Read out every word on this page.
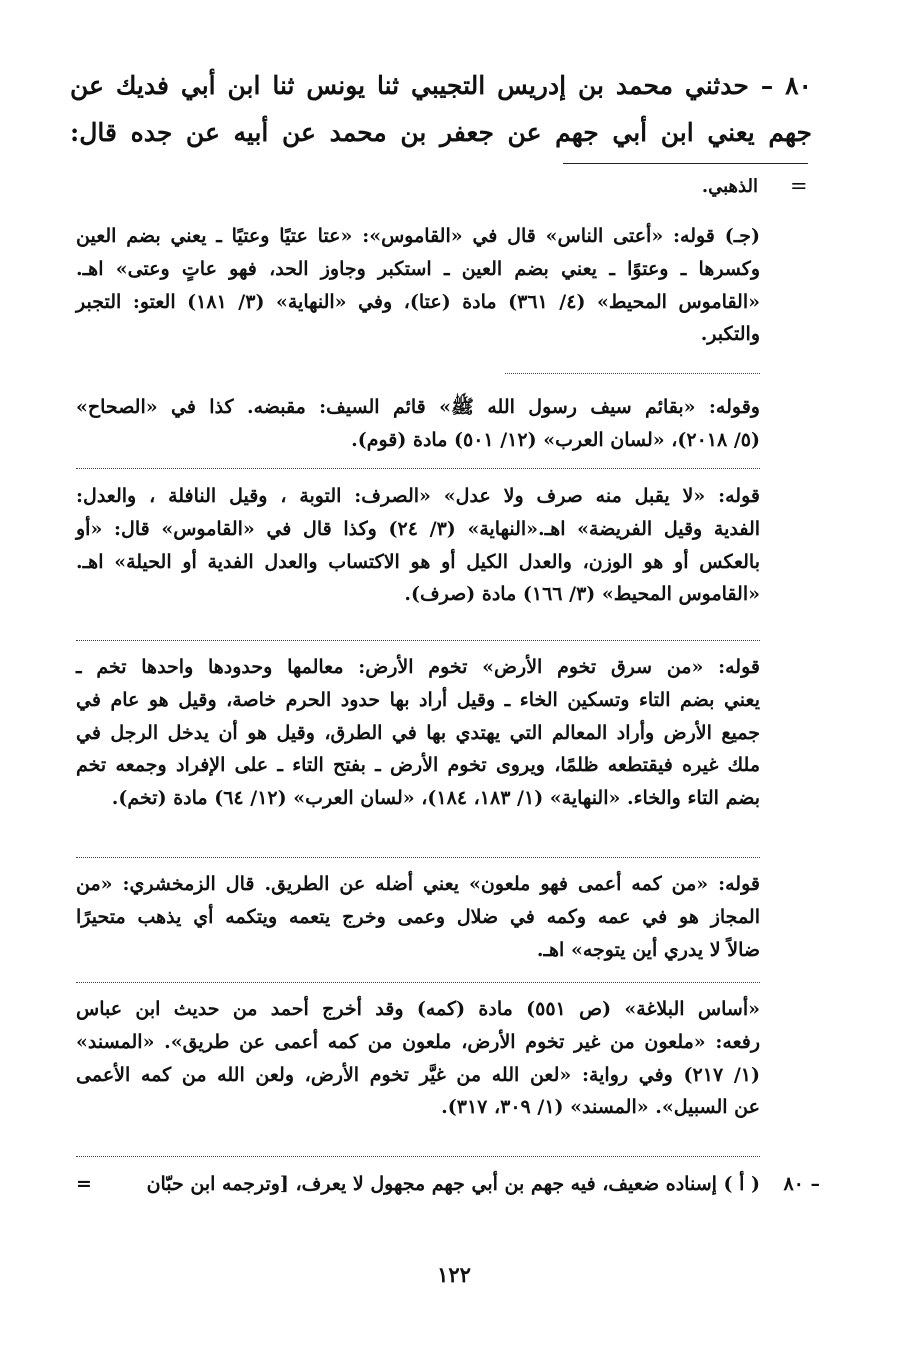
٨٠ – حدثني محمد بن إدريس التجيبي ثنا يونس ثنا ابن أبي فديك عن
جهم يعني ابن أبي جهم عن جعفر بن محمد عن أبيه عن جده قال:
=
الذهبي.
(جـ) قوله: «أعتى الناس» قال في «القاموس»: «عتا عتيًا وعتيًا ـ يعني بضم العين
وكسرها ـ وعتوًا ـ يعني بضم العين ـ استكبر وجاوز الحد، فهو عاتٍ وعتى» اهـ.
«القاموس المحيط» (٤/ ٣٦١) مادة (عتا)، وفي «النهاية» (٣/ ١٨١) العتو: التجبر
والتكبر.
وقوله: «بقائم سيف رسول الله ﷺ» قائم السيف: مقبضه. كذا في «الصحاح»
(٥/ ٢٠١٨)، «لسان العرب» (١٢/ ٥٠١) مادة (قوم).
قوله: «لا يقبل منه صرف ولا عدل» «الصرف: التوبة ، وقيل النافلة ، والعدل:
الفدية وقيل الفريضة» اهـ.«النهاية» (٣/ ٢٤) وكذا قال في «القاموس» قال: «أو
بالعكس أو هو الوزن، والعدل الكيل أو هو الاكتساب والعدل الفدية أو الحيلة» اهـ.
«القاموس المحيط» (٣/ ١٦٦) مادة (صرف).
قوله: «من سرق تخوم الأرض» تخوم الأرض: معالمها وحدودها واحدها تخم ـ
يعني بضم التاء وتسكين الخاء ـ وقيل أراد بها حدود الحرم خاصة، وقيل هو عام في
جميع الأرض وأراد المعالم التي يهتدي بها في الطرق، وقيل هو أن يدخل الرجل في
ملك غيره فيقتطعه ظلمًا، ويروى تخوم الأرض ـ بفتح التاء ـ على الإفراد وجمعه تخم
بضم التاء والخاء. «النهاية» (١/ ١٨٣، ١٨٤)، «لسان العرب» (١٢/ ٦٤) مادة (تخم).
قوله: «من كمه أعمى فهو ملعون» يعني أضله عن الطريق. قال الزمخشري: «من
المجاز هو في عمه وكمه في ضلال وعمى وخرج يتعمه ويتكمه أي يذهب متحيرًا
ضالاً لا يدري أين يتوجه» اهـ.
«أساس البلاغة» (ص ٥٥١) مادة (كمه) وقد أخرج أحمد من حديث ابن عباس
رفعه: «ملعون من غير تخوم الأرض، ملعون من كمه أعمى عن طريق». «المسند»
(١/ ٢١٧) وفي رواية: «لعن الله من غيَّر تخوم الأرض، ولعن الله من كمه الأعمى
عن السبيل». «المسند» (١/ ٣٠٩، ٣١٧).
٨٠ –
( أ ) إسناده ضعيف، فيه جهم بن أبي جهم مجهول لا يعرف، [وترجمه ابن حبّان
=
١٢٢
